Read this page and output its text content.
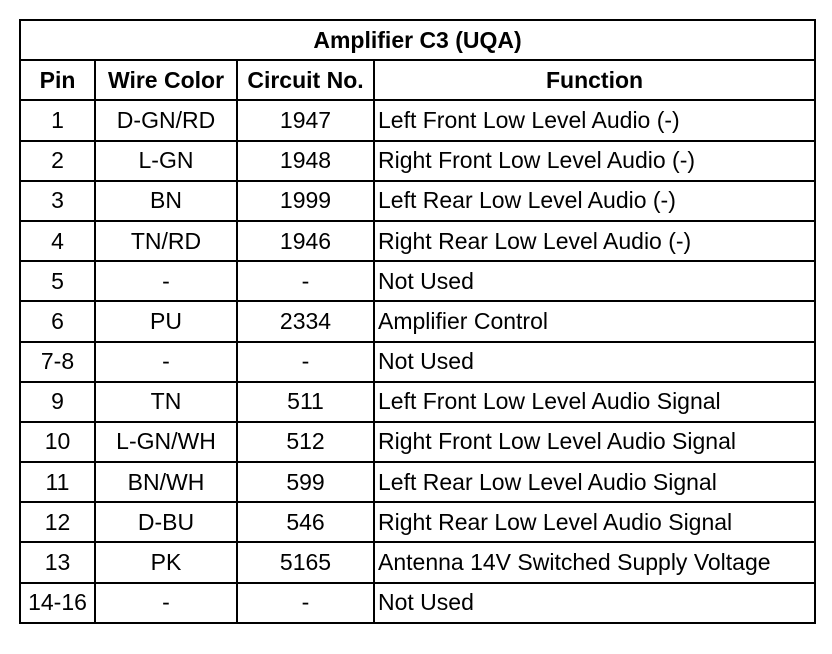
Amplifier C3 (UQA)			
Pin	Wire Color	Circuit No.	Function
1	D-GN/RD	1947	Left Front Low Level Audio (-)
2	L-GN	1948	Right Front Low Level Audio (-)
3	BN	1999	Left Rear Low Level Audio (-)
4	TN/RD	1946	Right Rear Low Level Audio (-)
5	-	-	Not Used
6	PU	2334	Amplifier Control
7-8	-	-	Not Used
9	TN	511	Left Front Low Level Audio Signal
10	L-GN/WH	512	Right Front Low Level Audio Signal
11	BN/WH	599	Left Rear Low Level Audio Signal
12	D-BU	546	Right Rear Low Level Audio Signal
13	PK	5165	Antenna 14V Switched Supply Voltage
14-16	-	-	Not Used
